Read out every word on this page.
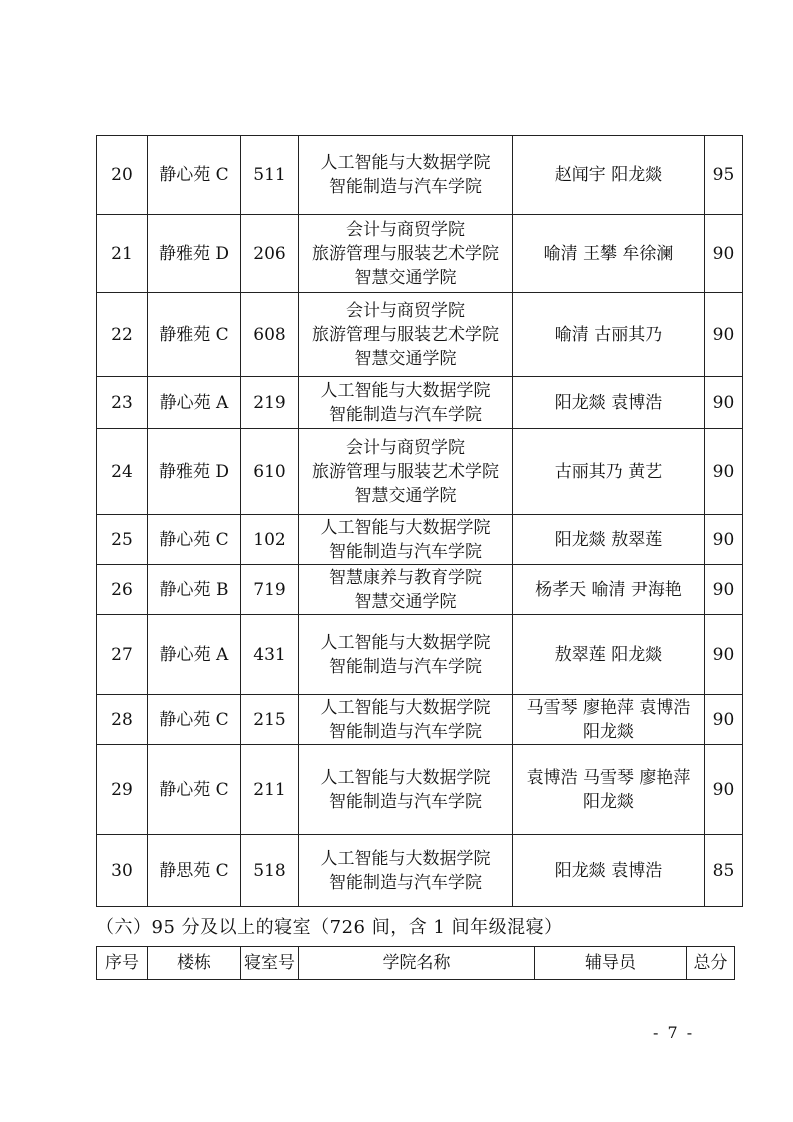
20	静心苑 C	511	人工智能与大数据学院
智能制造与汽车学院	赵闻宇 阳龙燚	95
21	静雅苑 D	206	会计与商贸学院
旅游管理与服装艺术学院
智慧交通学院	喻清 王攀 牟徐澜	90
22	静雅苑 C	608	会计与商贸学院
旅游管理与服装艺术学院
智慧交通学院	喻清 古丽其乃	90
23	静心苑 A	219	人工智能与大数据学院
智能制造与汽车学院	阳龙燚 袁博浩	90
24	静雅苑 D	610	会计与商贸学院
旅游管理与服装艺术学院
智慧交通学院	古丽其乃 黄艺	90
25	静心苑 C	102	人工智能与大数据学院
智能制造与汽车学院	阳龙燚 敖翠莲	90
26	静心苑 B	719	智慧康养与教育学院
智慧交通学院	杨孝天 喻清 尹海艳	90
27	静心苑 A	431	人工智能与大数据学院
智能制造与汽车学院	敖翠莲 阳龙燚	90
28	静心苑 C	215	人工智能与大数据学院
智能制造与汽车学院	马雪琴 廖艳萍 袁博浩
阳龙燚	90
29	静心苑 C	211	人工智能与大数据学院
智能制造与汽车学院	袁博浩 马雪琴 廖艳萍
阳龙燚	90
30	静思苑 C	518	人工智能与大数据学院
智能制造与汽车学院	阳龙燚 袁博浩	85
（六）95 分及以上的寝室（726 间，含 1 间年级混寝）
序号	楼栋	寝室号	学院名称	辅导员	总分
- 7 -
